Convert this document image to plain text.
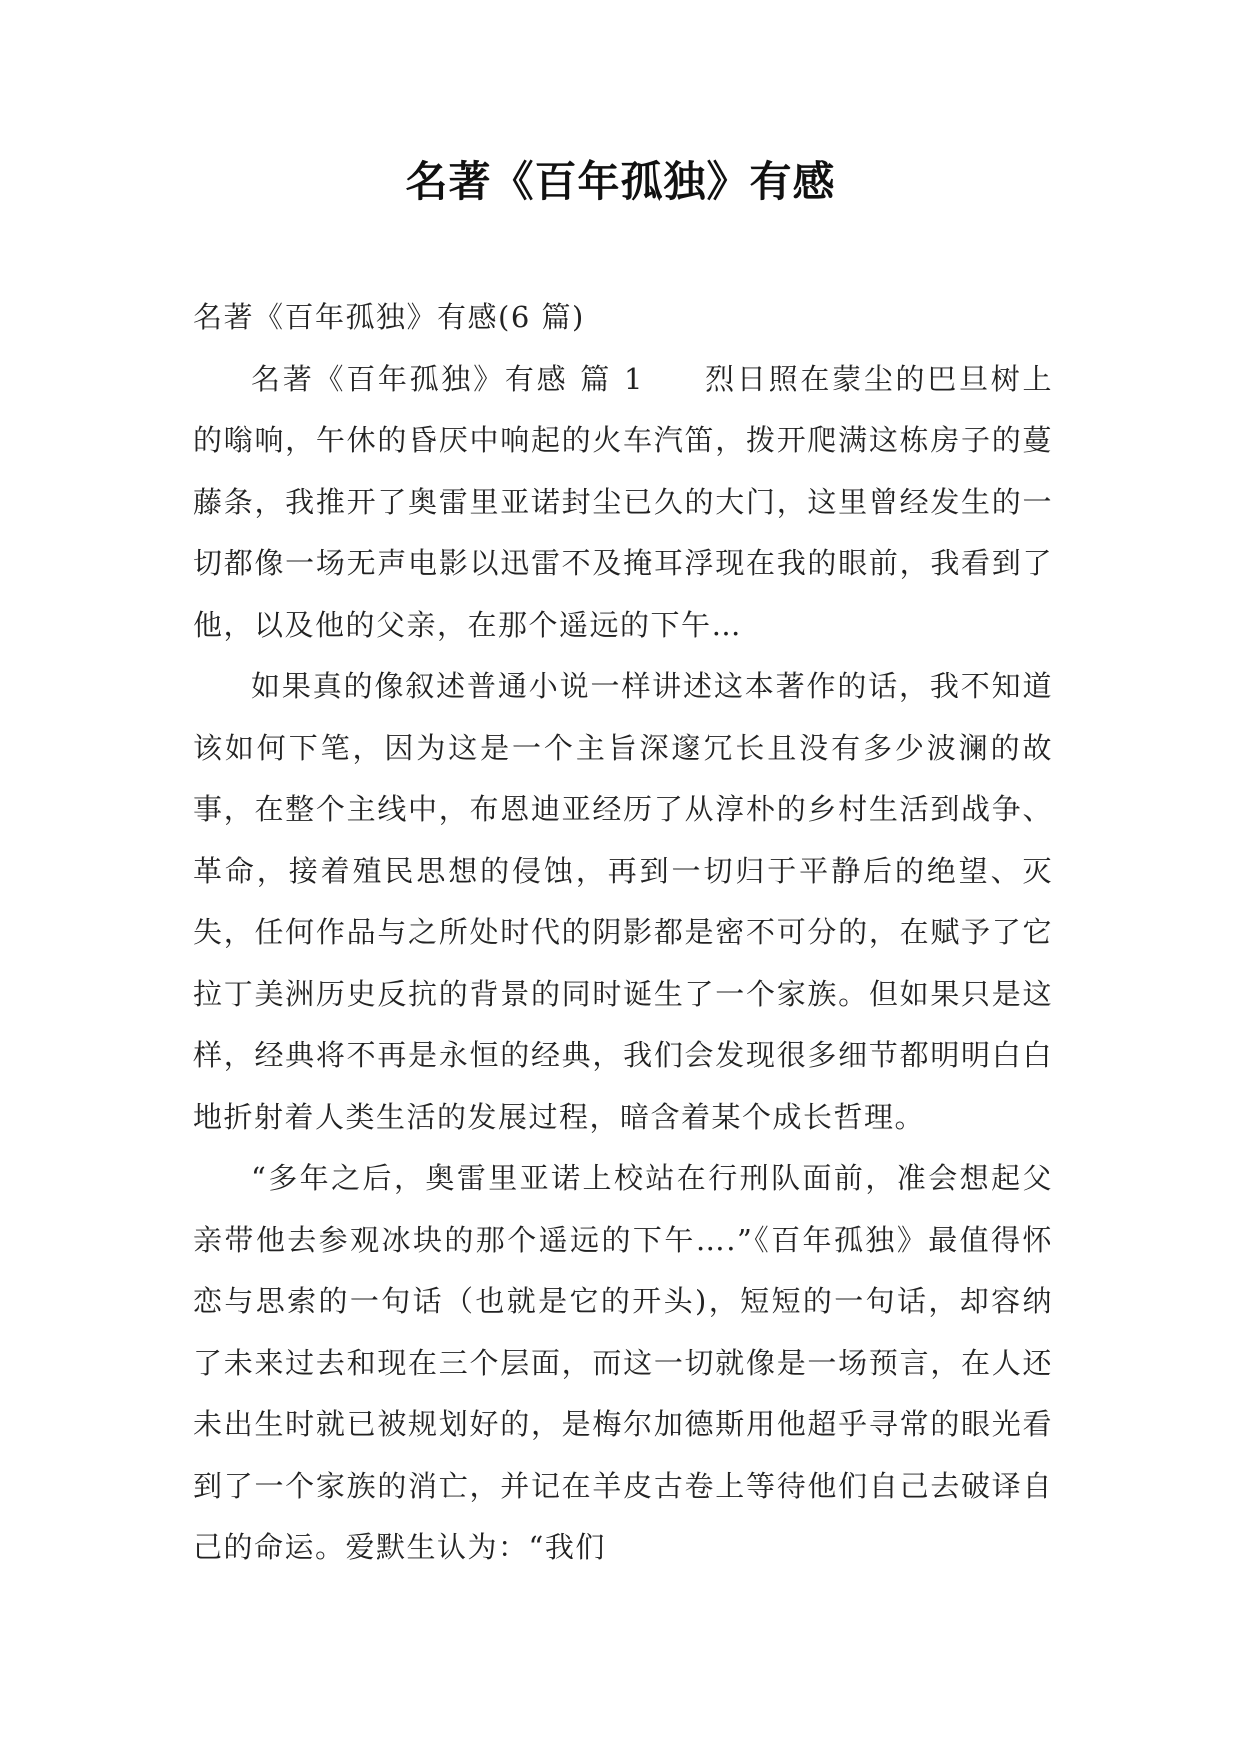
名著《百年孤独》有感

名著《百年孤独》有感(6 篇)

名著《百年孤独》有感 篇 1 烈日照在蒙尘的巴旦树上的嗡响，午休的昏厌中响起的火车汽笛，拨开爬满这栋房子的蔓藤条，我推开了奥雷里亚诺封尘已久的大门，这里曾经发生的一切都像一场无声电影以迅雷不及掩耳浮现在我的眼前，我看到了他，以及他的父亲，在那个遥远的下午…

如果真的像叙述普通小说一样讲述这本著作的话，我不知道该如何下笔，因为这是一个主旨深邃冗长且没有多少波澜的故事，在整个主线中，布恩迪亚经历了从淳朴的乡村生活到战争、革命，接着殖民思想的侵蚀，再到一切归于平静后的绝望、灭失，任何作品与之所处时代的阴影都是密不可分的，在赋予了它拉丁美洲历史反抗的背景的同时诞生了一个家族。但如果只是这样，经典将不再是永恒的经典，我们会发现很多细节都明明白白地折射着人类生活的发展过程，暗含着某个成长哲理。

“多年之后，奥雷里亚诺上校站在行刑队面前，准会想起父亲带他去参观冰块的那个遥远的下午….”《百年孤独》最值得怀恋与思索的一句话（也就是它的开头)，短短的一句话，却容纳了未来过去和现在三个层面，而这一切就像是一场预言，在人还未出生时就已被规划好的，是梅尔加德斯用他超乎寻常的眼光看到了一个家族的消亡，并记在羊皮古卷上等待他们自己去破译自己的命运。爱默生认为：“我们
